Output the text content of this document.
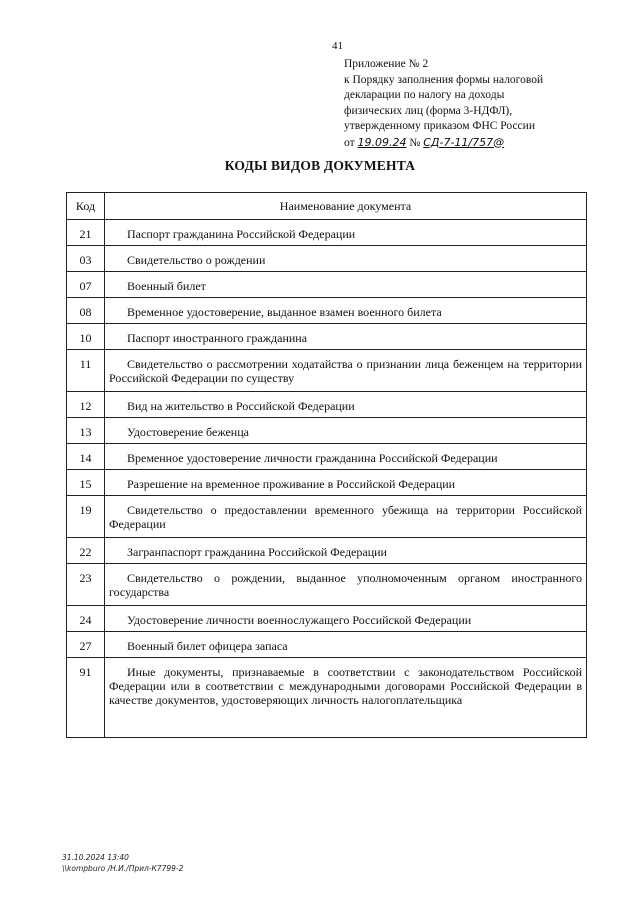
41
Приложение № 2
к Порядку заполнения формы налоговой
декларации по налогу на доходы
физических лиц (форма 3-НДФЛ),
утвержденному приказом ФНС России
от 19.09.24 № СД-7-11/757@
КОДЫ ВИДОВ ДОКУМЕНТА
Код	Наименование документа
21	Паспорт гражданина Российской Федерации
03	Свидетельство о рождении
07	Военный билет
08	Временное удостоверение, выданное взамен военного билета
10	Паспорт иностранного гражданина
11	Свидетельство о рассмотрении ходатайства о признании лица беженцем на территории Российской Федерации по существу
12	Вид на жительство в Российской Федерации
13	Удостоверение беженца
14	Временное удостоверение личности гражданина Российской Федерации
15	Разрешение на временное проживание в Российской Федерации
19	Свидетельство о предоставлении временного убежища на территории Российской Федерации
22	Загранпаспорт гражданина Российской Федерации
23	Свидетельство о рождении, выданное уполномоченным органом иностранного государства
24	Удостоверение личности военнослужащего Российской Федерации
27	Военный билет офицера запаса
91	Иные документы, признаваемые в соответствии с законодательством Российской Федерации или в соответствии с международными договорами Российской Федерации в качестве документов, удостоверяющих личность налогоплательщика
31.10.2024 13:40
\\kompburo /Н.И./Прил-К7799-2
